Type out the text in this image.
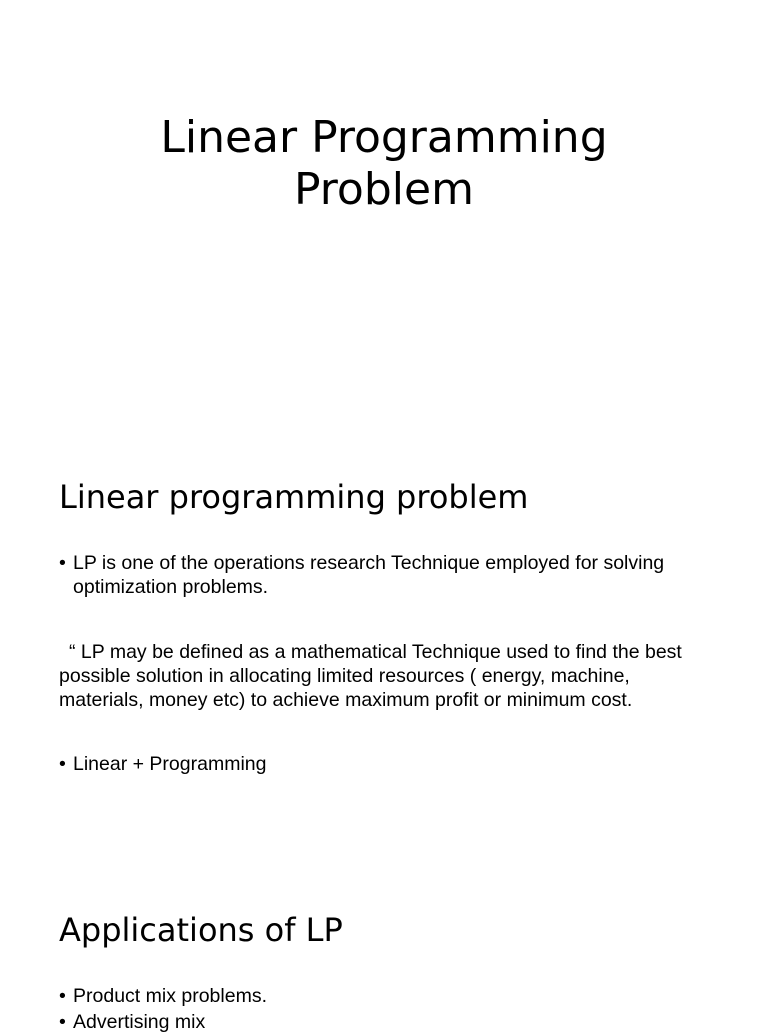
Linear Programming
Problem
Linear programming problem
• LP is one of the operations research Technique employed for solving optimization problems.

“ LP may be defined as a mathematical Technique used to find the best possible solution in allocating limited resources ( energy, machine, materials, money etc) to achieve maximum profit or minimum cost.

• Linear + Programming
Applications of LP
• Product mix problems.
• Advertising mix
